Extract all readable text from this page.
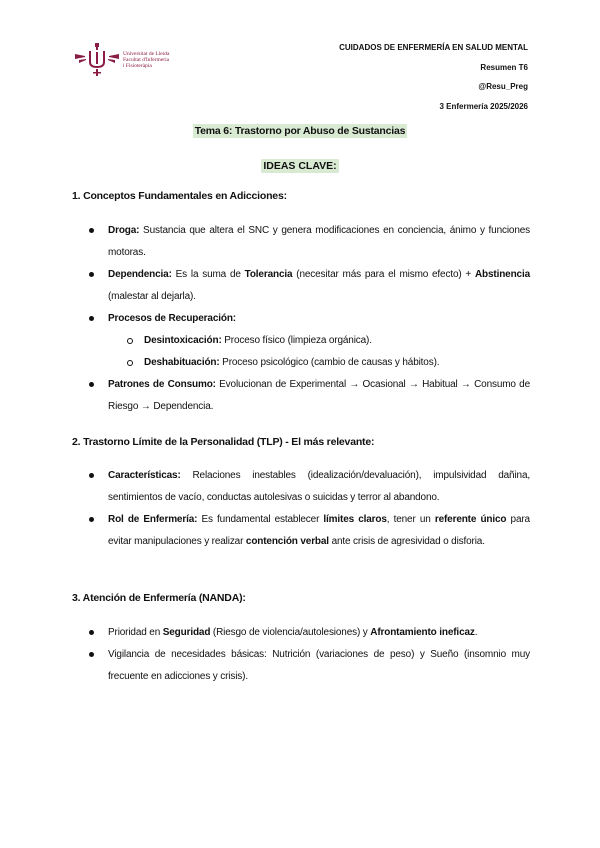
Universitat de Lleida
Facultat d'Infermeria
i Fisioteràpia
CUIDADOS DE ENFERMERÍA EN SALUD MENTAL
Resumen T6
@Resu_Preg
3 Enfermería 2025/2026
Tema 6: Trastorno por Abuso de Sustancias
IDEAS CLAVE:
1. Conceptos Fundamentales en Adicciones:
Droga: Sustancia que altera el SNC y genera modificaciones en conciencia, ánimo y funciones motoras.
Dependencia: Es la suma de Tolerancia (necesitar más para el mismo efecto) + Abstinencia (malestar al dejarla).
Procesos de Recuperación:
Desintoxicación: Proceso físico (limpieza orgánica).
Deshabituación: Proceso psicológico (cambio de causas y hábitos).
Patrones de Consumo: Evolucionan de Experimental → Ocasional → Habitual → Consumo de Riesgo → Dependencia.
2. Trastorno Límite de la Personalidad (TLP) - El más relevante:
Características: Relaciones inestables (idealización/devaluación), impulsividad dañina, sentimientos de vacío, conductas autolesivas o suicidas y terror al abandono.
Rol de Enfermería: Es fundamental establecer límites claros, tener un referente único para evitar manipulaciones y realizar contención verbal ante crisis de agresividad o disforia.
3. Atención de Enfermería (NANDA):
Prioridad en Seguridad (Riesgo de violencia/autolesiones) y Afrontamiento ineficaz.
Vigilancia de necesidades básicas: Nutrición (variaciones de peso) y Sueño (insomnio muy frecuente en adicciones y crisis).
